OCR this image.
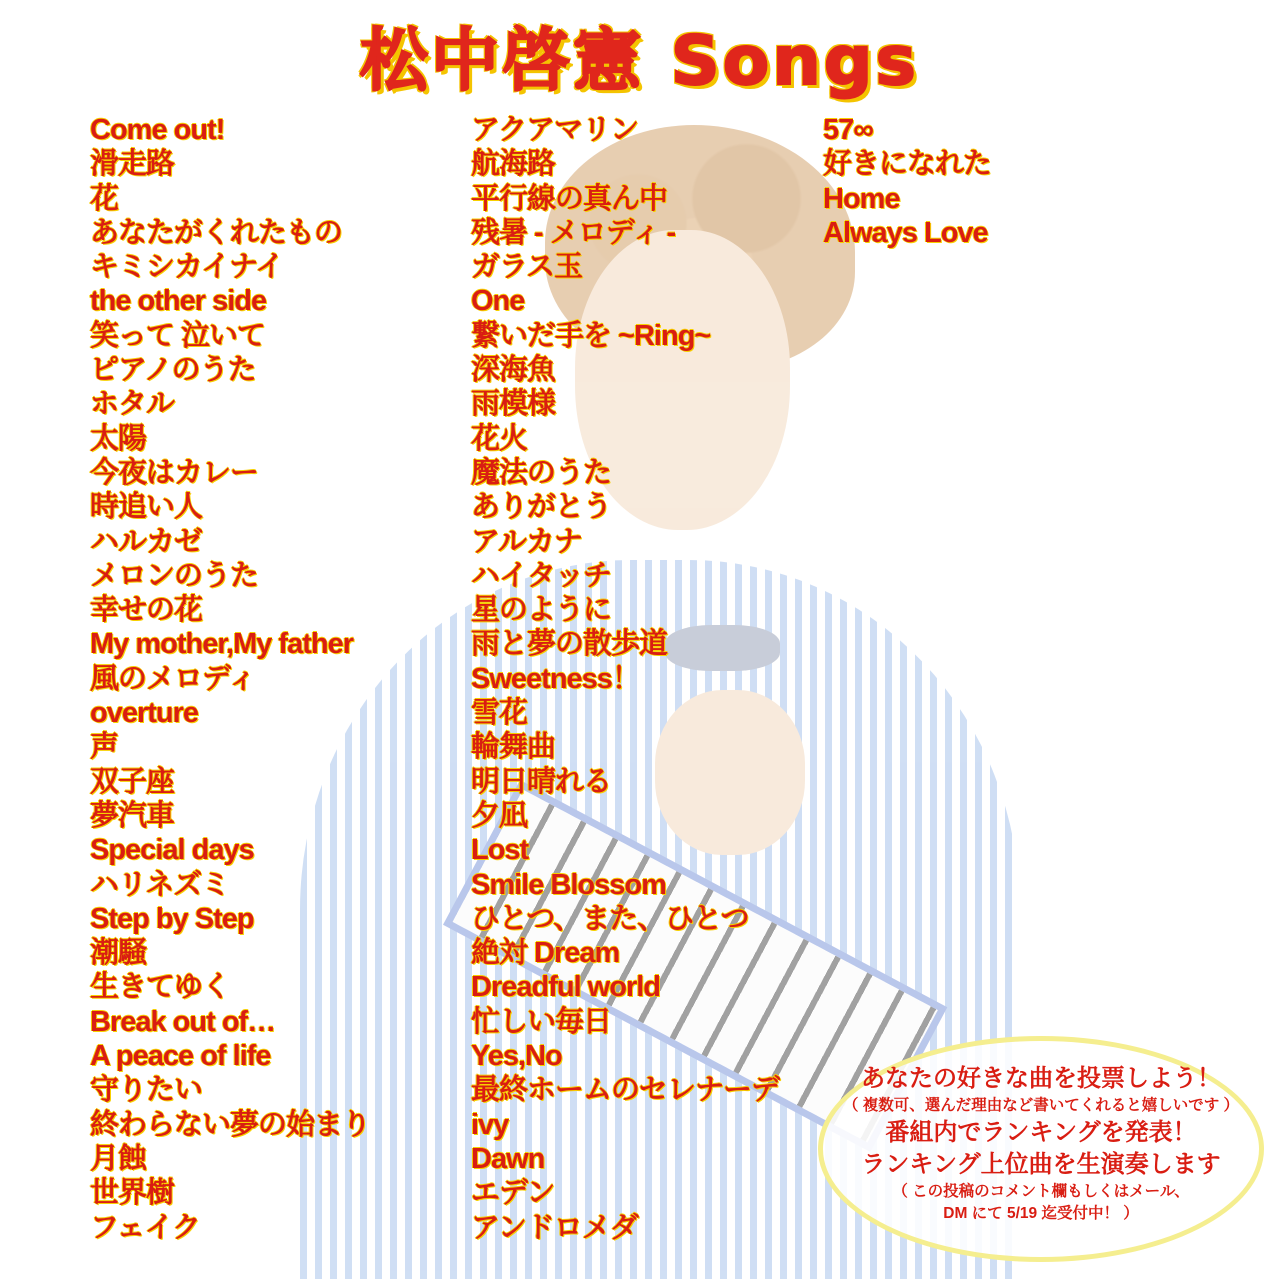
松中啓憲 Songs
Come out!
滑走路
花
あなたがくれたもの
キミシカイナイ
the other side
笑って 泣いて
ピアノのうた
ホタル
太陽
今夜はカレー
時追い人
ハルカゼ
メロンのうた
幸せの花
My mother,My father
風のメロディ
overture
声
双子座
夢汽車
Special days
ハリネズミ
Step by Step
潮騒
生きてゆく
Break out of…
A peace of life
守りたい
終わらない夢の始まり
月蝕
世界樹
フェイク
アクアマリン
航海路
平行線の真ん中
残暑 - メロディ -
ガラス玉
One
繋いだ手を ~Ring~
深海魚
雨模様
花火
魔法のうた
ありがとう
アルカナ
ハイタッチ
星のように
雨と夢の散歩道
Sweetness！
雪花
輪舞曲
明日晴れる
夕凪
Lost
Smile Blossom
ひとつ、また、ひとつ
絶対 Dream
Dreadful world
忙しい毎日
Yes,No
最終ホームのセレナーデ
ivy
Dawn
エデン
アンドロメダ
57∞
好きになれた
Home
Always Love
あなたの好きな曲を投票しよう！
（ 複数可、選んだ理由など書いてくれると嬉しいです ）
番組内でランキングを発表！
ランキング上位曲を生演奏します
（ この投稿のコメント欄もしくはメール、
DM にて 5/19 迄受付中！ ）
